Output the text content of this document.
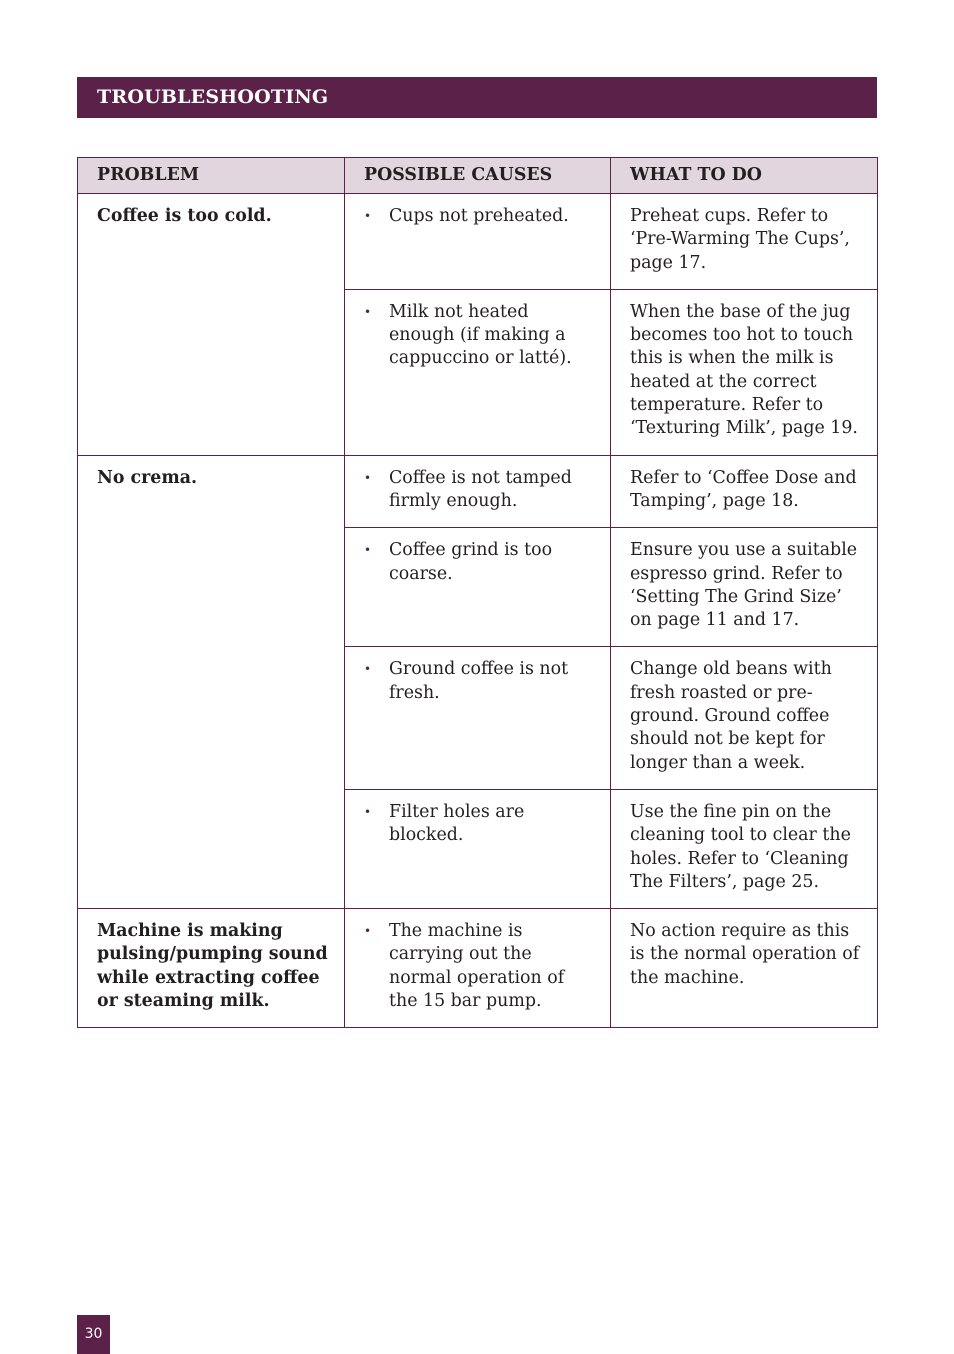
TROUBLESHOOTING
PROBLEM	POSSIBLE CAUSES	WHAT TO DO
Coffee is too cold.	• Cups not preheated.	Preheat cups. Refer to ‘Pre-Warming The Cups’, page 17.

	• Milk not heated enough (if making a cappuccino or latté).	When the base of the jug becomes too hot to touch this is when the milk is heated at the correct temperature. Refer to ‘Texturing Milk’, page 19.
No crema.	• Coffee is not tamped firmly enough.	Refer to ‘Coffee Dose and Tamping’, page 18.

	• Coffee grind is too coarse.	Ensure you use a suitable espresso grind. Refer to ‘Setting The Grind Size’ on page 11 and 17.

	• Ground coffee is not fresh.	Change old beans with fresh roasted or pre-ground. Ground coffee should not be kept for longer than a week.

	• Filter holes are blocked.	Use the fine pin on the cleaning tool to clear the holes. Refer to ‘Cleaning The Filters’, page 25.
Machine is making pulsing/pumping sound while extracting coffee or steaming milk.	• The machine is carrying out the normal operation of the 15 bar pump.	No action require as this is the normal operation of the machine.
30
